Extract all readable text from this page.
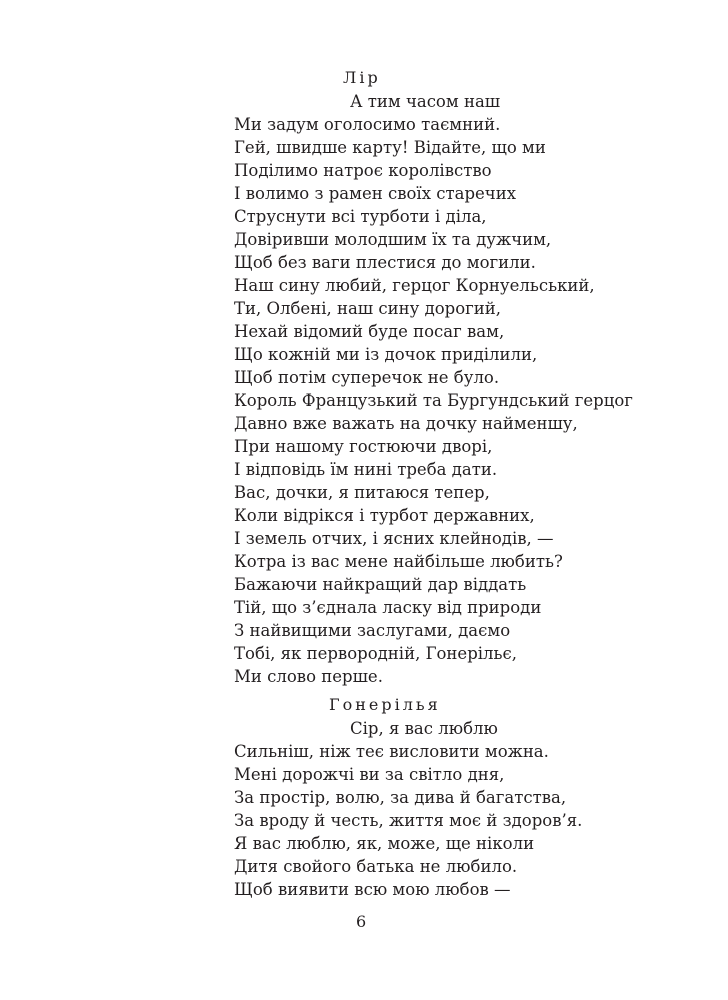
Лір
А тим часом наш
Ми задум оголосимо таємний.
Гей, швидше карту! Відайте, що ми
Поділимо натроє королівство
І волимо з рамен своїх старечих
Струснути всі турботи і діла,
Довіривши молодшим їх та дужчим,
Щоб без ваги плестися до могили.
Наш сину любий, герцог Корнуельський,
Ти, Олбені, наш сину дорогий,
Нехай відомий буде посаг вам,
Що кожній ми із дочок приділили,
Щоб потім суперечок не було.
Король Французький та Бургундський герцог
Давно вже важать на дочку найменшу,
При нашому гостюючи дворі,
І відповідь їм нині треба дати.
Вас, дочки, я питаюся тепер,
Коли відрікся і турбот державних,
І земель отчих, і ясних клейнодів, —
Котра із вас мене найбільше любить?
Бажаючи найкращий дар віддать
Тій, що з’єднала ласку від природи
З найвищими заслугами, даємо
Тобі, як первородній, Гонерільє,
Ми слово перше.
Гонерілья
Сір, я вас люблю
Сильніш, ніж теє висловити можна.
Мені дорожчі ви за світло дня,
За простір, волю, за дива й багатства,
За вроду й честь, життя моє й здоров’я.
Я вас люблю, як, може, ще ніколи
Дитя свойого батька не любило.
Щоб виявити всю мою любов —
6
